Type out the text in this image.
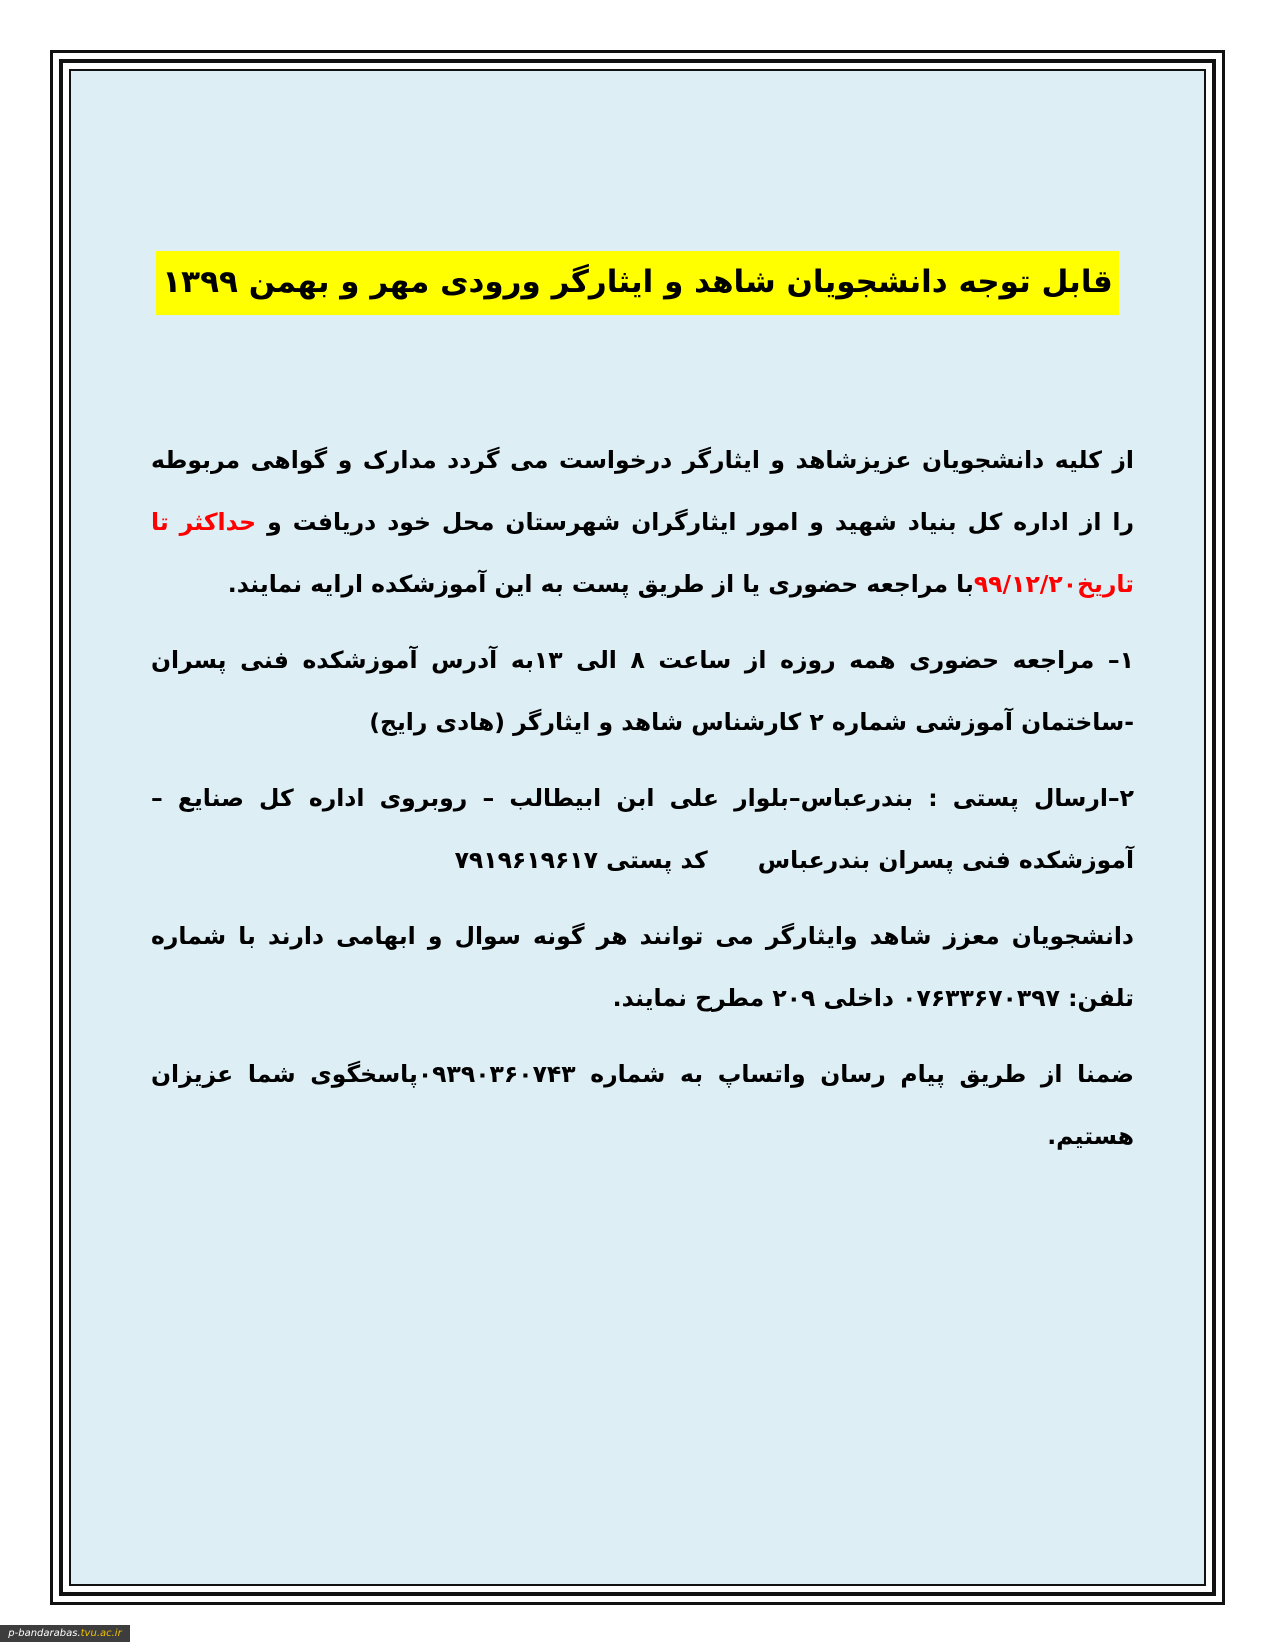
قابل توجه دانشجویان شاهد و ایثارگر ورودی مهر و بهمن ۱۳۹۹

از کلیه دانشجویان عزیزشاهد و ایثارگر درخواست می گردد مدارک و گواهی مربوطه را از اداره کل بنیاد شهید و امور ایثارگران شهرستان محل خود دریافت و حداکثر تا تاریخ۹۹/۱۲/۲۰با مراجعه حضوری یا از طریق پست به این آموزشکده ارایه نمایند.

۱– مراجعه حضوری همه روزه از ساعت ۸ الی ۱۳به آدرس آموزشکده فنی پسران -ساختمان آموزشی شماره ۲ کارشناس شاهد و ایثارگر (هادی رایج)

۲–ارسال پستی : بندرعباس–بلوار علی ابن ابیطالب – روبروی اداره کل صنایع – آموزشکده فنی پسران بندرعباسکد پستی ۷۹۱۹۶۱۹۶۱۷

دانشجویان معزز شاهد وایثارگر می توانند هر گونه سوال و ابهامی دارند با شماره تلفن: ۰۷۶۳۳۶۷۰۳۹۷ داخلی ۲۰۹ مطرح نمایند.

ضمنا از طریق پیام رسان واتساپ به شماره ۰۹۳۹۰۳۶۰۷۴۳پاسخگوی شما عزیزان هستیم.

p-bandarabas.tvu.ac.ir
